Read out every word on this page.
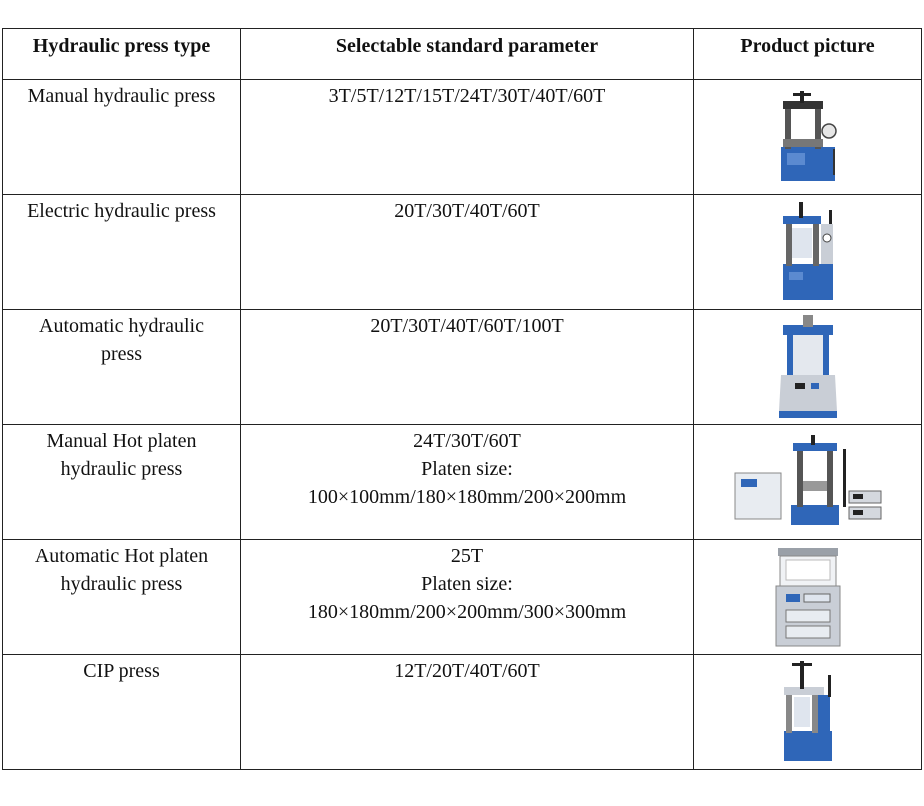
Hydraulic press type	Selectable standard parameter	Product picture

Manual hydraulic press	3T/5T/12T/15T/24T/30T/40T/60T

Electric hydraulic press	20T/30T/40T/60T

Automatic hydraulic press	20T/30T/40T/60T/100T

Manual Hot platen hydraulic press	24T/30T/60T
Platen size:
100×100mm/180×180mm/200×200mm

Automatic Hot platen hydraulic press	25T
Platen size:
180×180mm/200×200mm/300×300mm

CIP press	12T/20T/40T/60T
